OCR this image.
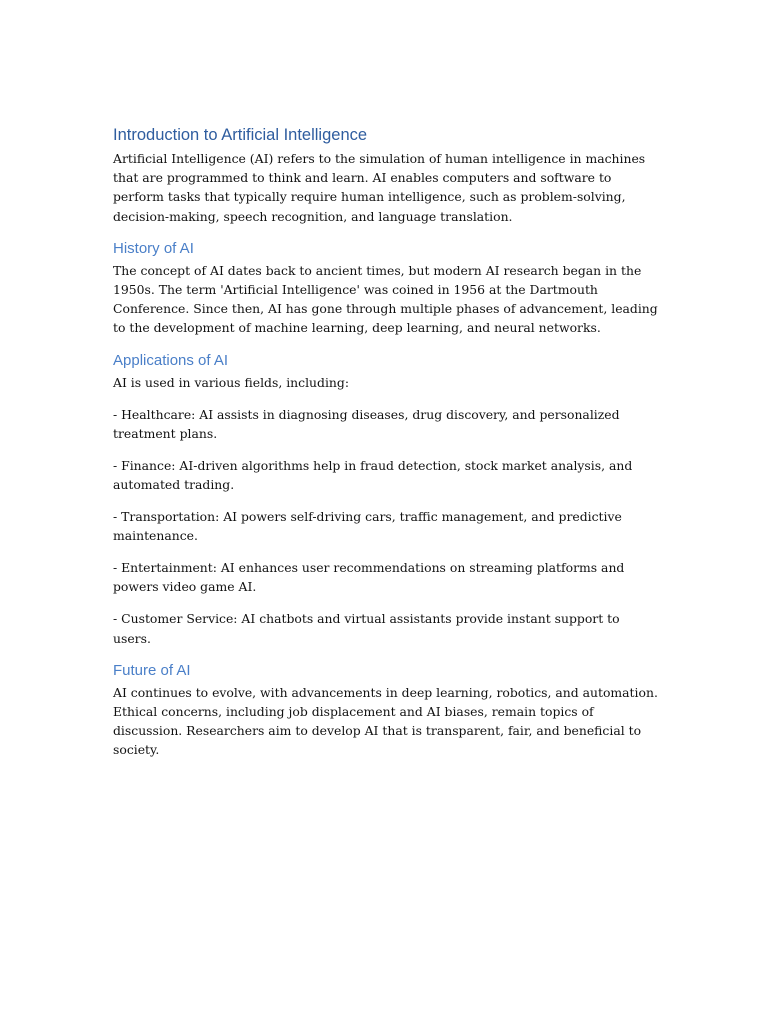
Introduction to Artificial Intelligence

Artificial Intelligence (AI) refers to the simulation of human intelligence in machines that are programmed to think and learn. AI enables computers and software to perform tasks that typically require human intelligence, such as problem-solving, decision-making, speech recognition, and language translation.

History of AI

The concept of AI dates back to ancient times, but modern AI research began in the 1950s. The term 'Artificial Intelligence' was coined in 1956 at the Dartmouth Conference. Since then, AI has gone through multiple phases of advancement, leading to the development of machine learning, deep learning, and neural networks.

Applications of AI

AI is used in various fields, including:

- Healthcare: AI assists in diagnosing diseases, drug discovery, and personalized treatment plans.

- Finance: AI-driven algorithms help in fraud detection, stock market analysis, and automated trading.

- Transportation: AI powers self-driving cars, traffic management, and predictive maintenance.

- Entertainment: AI enhances user recommendations on streaming platforms and powers video game AI.

- Customer Service: AI chatbots and virtual assistants provide instant support to users.

Future of AI

AI continues to evolve, with advancements in deep learning, robotics, and automation. Ethical concerns, including job displacement and AI biases, remain topics of discussion. Researchers aim to develop AI that is transparent, fair, and beneficial to society.
